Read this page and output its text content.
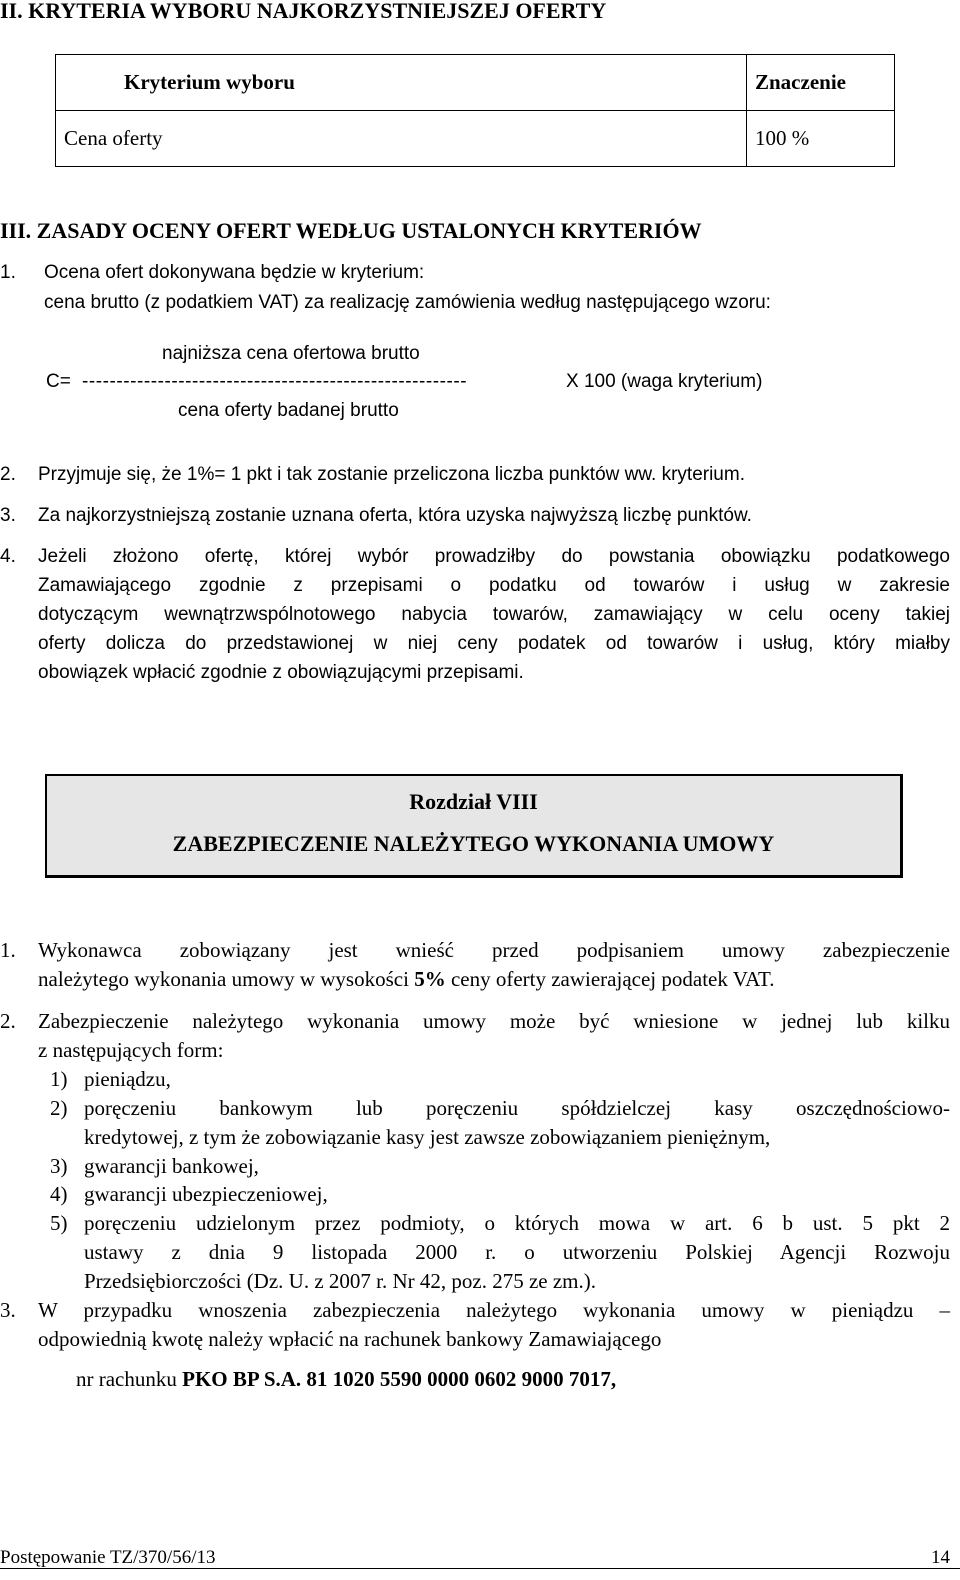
II. KRYTERIA WYBORU NAJKORZYSTNIEJSZEJ OFERTY
Kryterium wyboru	Znaczenie
Cena oferty	100 %
III. ZASADY OCENY OFERT WEDŁUG USTALONYCH KRYTERIÓW
1. Ocena ofert dokonywana będzie w kryterium:
cena brutto (z podatkiem VAT) za realizację zamówienia według następującego wzoru:
najniższa cena ofertowa brutto
C= --------------------------------------------------------	X 100 (waga kryterium)
cena oferty badanej brutto
2. Przyjmuje się, że 1%= 1 pkt i tak zostanie przeliczona liczba punktów ww. kryterium.
3. Za najkorzystniejszą zostanie uznana oferta, która uzyska najwyższą liczbę punktów.
4. Jeżeli złożono ofertę, której wybór prowadziłby do powstania obowiązku podatkowego
Zamawiającego zgodnie z przepisami o podatku od towarów i usług w zakresie
dotyczącym wewnątrzwspólnotowego nabycia towarów, zamawiający w celu oceny takiej
oferty dolicza do przedstawionej w niej ceny podatek od towarów i usług, który miałby
obowiązek wpłacić zgodnie z obowiązującymi przepisami.
Rozdział VIII
ZABEZPIECZENIE NALEŻYTEGO WYKONANIA UMOWY
1. Wykonawca zobowiązany jest wnieść przed podpisaniem umowy zabezpieczenie
należytego wykonania umowy w wysokości 5% ceny oferty zawierającej podatek VAT.
2. Zabezpieczenie należytego wykonania umowy może być wniesione w jednej lub kilku
z następujących form:
1) pieniądzu,
2) poręczeniu bankowym lub poręczeniu spółdzielczej kasy oszczędnościowo-
kredytowej, z tym że zobowiązanie kasy jest zawsze zobowiązaniem pieniężnym,
3) gwarancji bankowej,
4) gwarancji ubezpieczeniowej,
5) poręczeniu udzielonym przez podmioty, o których mowa w art. 6 b ust. 5 pkt 2
ustawy z dnia 9 listopada 2000 r. o utworzeniu Polskiej Agencji Rozwoju
Przedsiębiorczości (Dz. U. z 2007 r. Nr 42, poz. 275 ze zm.).
3. W przypadku wnoszenia zabezpieczenia należytego wykonania umowy w pieniądzu –
odpowiednią kwotę należy wpłacić na rachunek bankowy Zamawiającego
nr rachunku PKO BP S.A. 81 1020 5590 0000 0602 9000 7017,
Postępowanie TZ/370/56/13	14
